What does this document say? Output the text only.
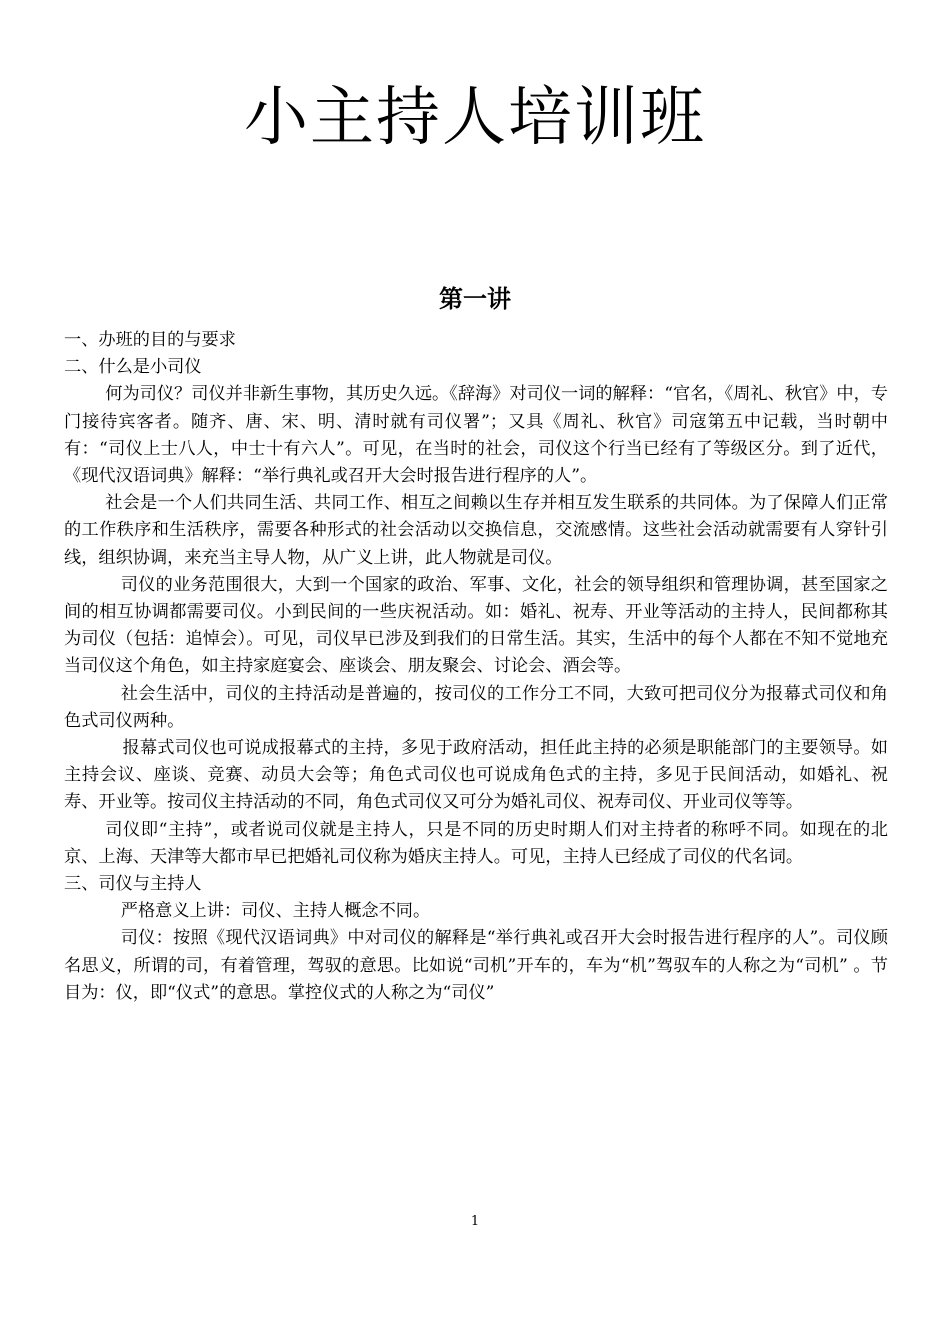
小主持人培训班
第一讲

一、办班的目的与要求

二、什么是小司仪

何为司仪？司仪并非新生事物，其历史久远。《辞海》对司仪一词的解释：“官名，《周礼、秋官》中，专门接待宾客者。随齐、唐、宋、明、清时就有司仪署”；又具《周礼、秋官》司寇第五中记载，当时朝中有：“司仪上士八人，中士十有六人”。可见，在当时的社会，司仪这个行当已经有了等级区分。到了近代，《现代汉语词典》解释：“举行典礼或召开大会时报告进行程序的人”。

社会是一个人们共同生活、共同工作、相互之间赖以生存并相互发生联系的共同体。为了保障人们正常的工作秩序和生活秩序，需要各种形式的社会活动以交换信息，交流感情。这些社会活动就需要有人穿针引线，组织协调，来充当主导人物，从广义上讲，此人物就是司仪。

司仪的业务范围很大，大到一个国家的政治、军事、文化，社会的领导组织和管理协调，甚至国家之间的相互协调都需要司仪。小到民间的一些庆祝活动。如：婚礼、祝寿、开业等活动的主持人，民间都称其为司仪（包括：追悼会）。可见，司仪早已涉及到我们的日常生活。其实，生活中的每个人都在不知不觉地充当司仪这个角色，如主持家庭宴会、座谈会、朋友聚会、讨论会、酒会等。

社会生活中，司仪的主持活动是普遍的，按司仪的工作分工不同，大致可把司仪分为报幕式司仪和角色式司仪两种。

报幕式司仪也可说成报幕式的主持，多见于政府活动，担任此主持的必须是职能部门的主要领导。如主持会议、座谈、竞赛、动员大会等；角色式司仪也可说成角色式的主持，多见于民间活动，如婚礼、祝寿、开业等。按司仪主持活动的不同，角色式司仪又可分为婚礼司仪、祝寿司仪、开业司仪等等。

司仪即“主持”，或者说司仪就是主持人，只是不同的历史时期人们对主持者的称呼不同。如现在的北京、上海、天津等大都市早已把婚礼司仪称为婚庆主持人。可见，主持人已经成了司仪的代名词。

三、司仪与主持人

严格意义上讲：司仪、主持人概念不同。

司仪：按照《现代汉语词典》中对司仪的解释是“举行典礼或召开大会时报告进行程序的人”。司仪顾名思义，所谓的司，有着管理，驾驭的意思。比如说“司机”开车的，车为“机”驾驭车的人称之为“司机” 。节目为：仪，即“仪式”的意思。掌控仪式的人称之为“司仪”

1
